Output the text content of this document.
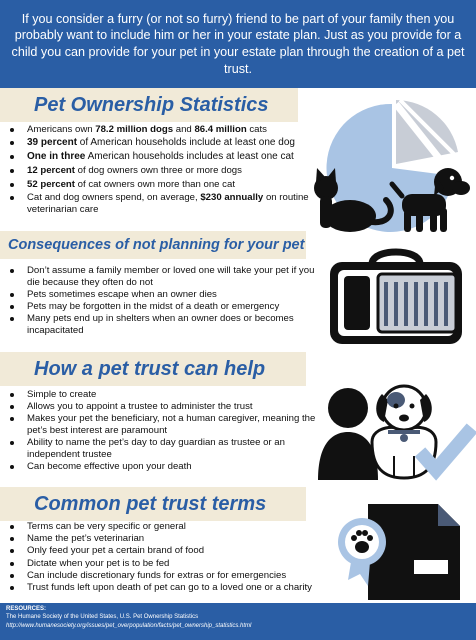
If you consider a furry (or not so furry) friend to be part of your family then you probably want to include him or her in your estate plan. Just as you provide for a child you can provide for your pet in your estate plan through the creation of a pet trust.

Pet Ownership Statistics
Americans own 78.2 million dogs and 86.4 million cats
39 percent of American households include at least one dog
One in three American households includes at least one cat
12 percent of dog owners own three or more dogs
52 percent of cat owners own more than one cat
Cat and dog owners spend, on average, $230 annually on routine veterinarian care
Consequences of not planning for your pet
Don’t assume a family member or loved one will take your pet if you die because they often do not
Pets sometimes escape when an owner dies
Pets may be forgotten in the midst of a death or emergency
Many pets end up in shelters when an owner does or becomes incapacitated
How a pet trust can help
Simple to create
Allows you to appoint a trustee to administer the trust
Makes your pet the beneficiary, not a human caregiver, meaning the pet’s best interest are paramount
Ability to name the pet’s day to day guardian as trustee or an independent trustee
Can become effective upon your death
Common pet trust terms
Terms can be very specific or general
Name the pet’s veterinarian
Only feed your pet a certain brand of food
Dictate when your pet is to be fed
Can include discretionary funds for extras or for emergencies
Trust funds left upon death of pet can go to a loved one or a charity
RESOURCES:
The Humane Society of the United States, U.S. Pet Ownership Statistics
http://www.humanesociety.org/issues/pet_overpopulation/facts/pet_ownership_statistics.html
